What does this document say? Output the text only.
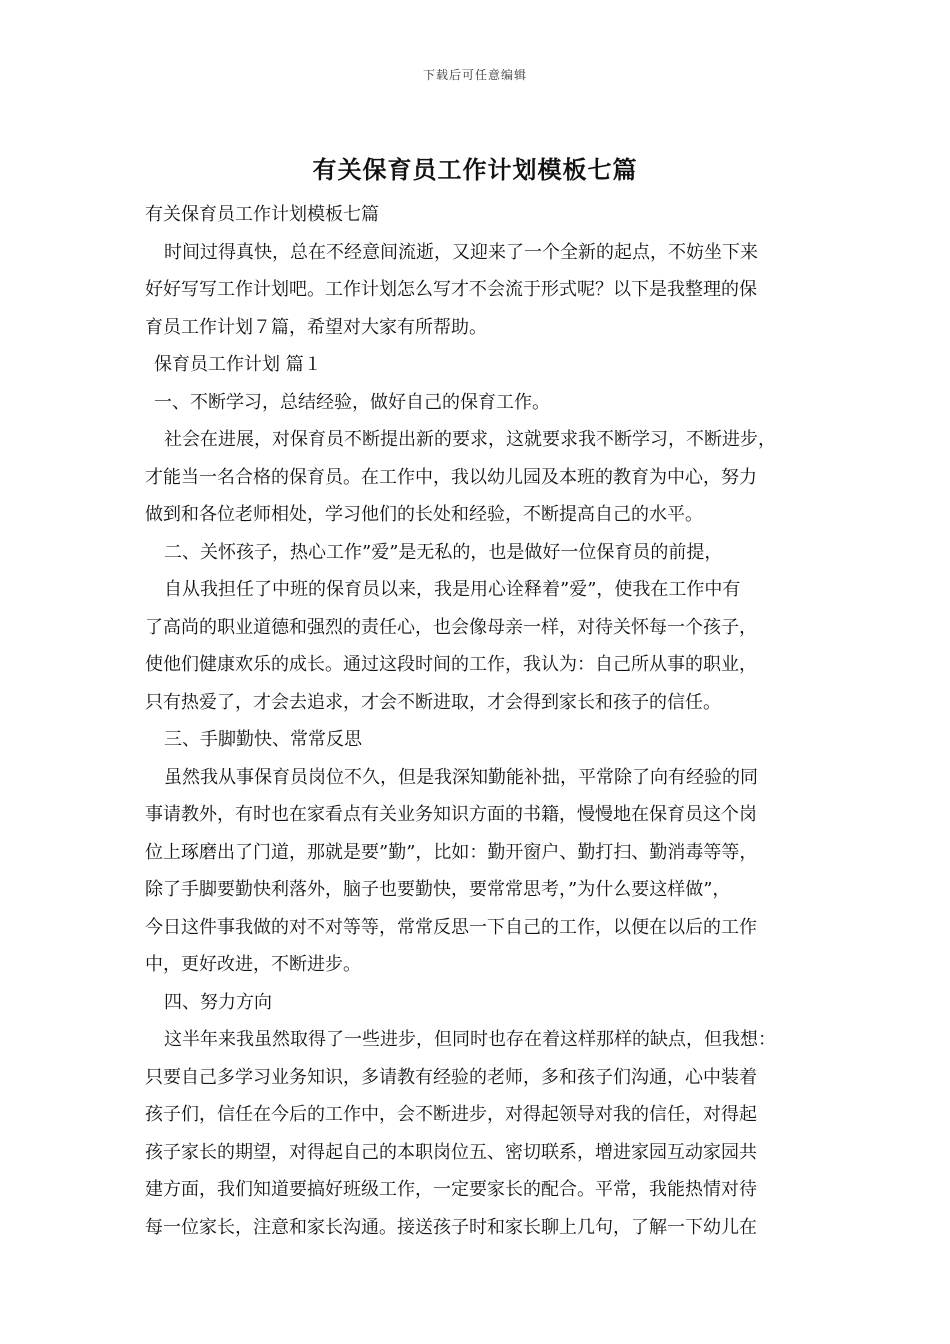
下载后可任意编辑
有关保育员工作计划模板七篇
有关保育员工作计划模板七篇
时间过得真快，总在不经意间流逝，又迎来了一个全新的起点，不妨坐下来
好好写写工作计划吧。工作计划怎么写才不会流于形式呢？以下是我整理的保
育员工作计划７篇，希望对大家有所帮助。
保育员工作计划 篇１
一、不断学习，总结经验，做好自己的保育工作。
社会在进展，对保育员不断提出新的要求，这就要求我不断学习，不断进步，
才能当一名合格的保育员。在工作中，我以幼儿园及本班的教育为中心，努力
做到和各位老师相处，学习他们的长处和经验，不断提高自己的水平。
二、关怀孩子，热心工作”爱”是无私的，也是做好一位保育员的前提，
自从我担任了中班的保育员以来，我是用心诠释着”爱”，使我在工作中有
了高尚的职业道德和强烈的责任心，也会像母亲一样，对待关怀每一个孩子，
使他们健康欢乐的成长。通过这段时间的工作，我认为：自己所从事的职业，
只有热爱了，才会去追求，才会不断进取，才会得到家长和孩子的信任。
三、手脚勤快、常常反思
虽然我从事保育员岗位不久，但是我深知勤能补拙，平常除了向有经验的同
事请教外，有时也在家看点有关业务知识方面的书籍，慢慢地在保育员这个岗
位上琢磨出了门道，那就是要”勤”，比如：勤开窗户、勤打扫、勤消毒等等，
除了手脚要勤快利落外，脑子也要勤快，要常常思考，”为什么要这样做”，
今日这件事我做的对不对等等，常常反思一下自己的工作，以便在以后的工作
中，更好改进，不断进步。
四、努力方向
这半年来我虽然取得了一些进步，但同时也存在着这样那样的缺点，但我想：
只要自己多学习业务知识，多请教有经验的老师，多和孩子们沟通，心中装着
孩子们，信任在今后的工作中，会不断进步，对得起领导对我的信任，对得起
孩子家长的期望，对得起自己的本职岗位五、密切联系，增进家园互动家园共
建方面，我们知道要搞好班级工作，一定要家长的配合。平常，我能热情对待
每一位家长，注意和家长沟通。接送孩子时和家长聊上几句，了解一下幼儿在
